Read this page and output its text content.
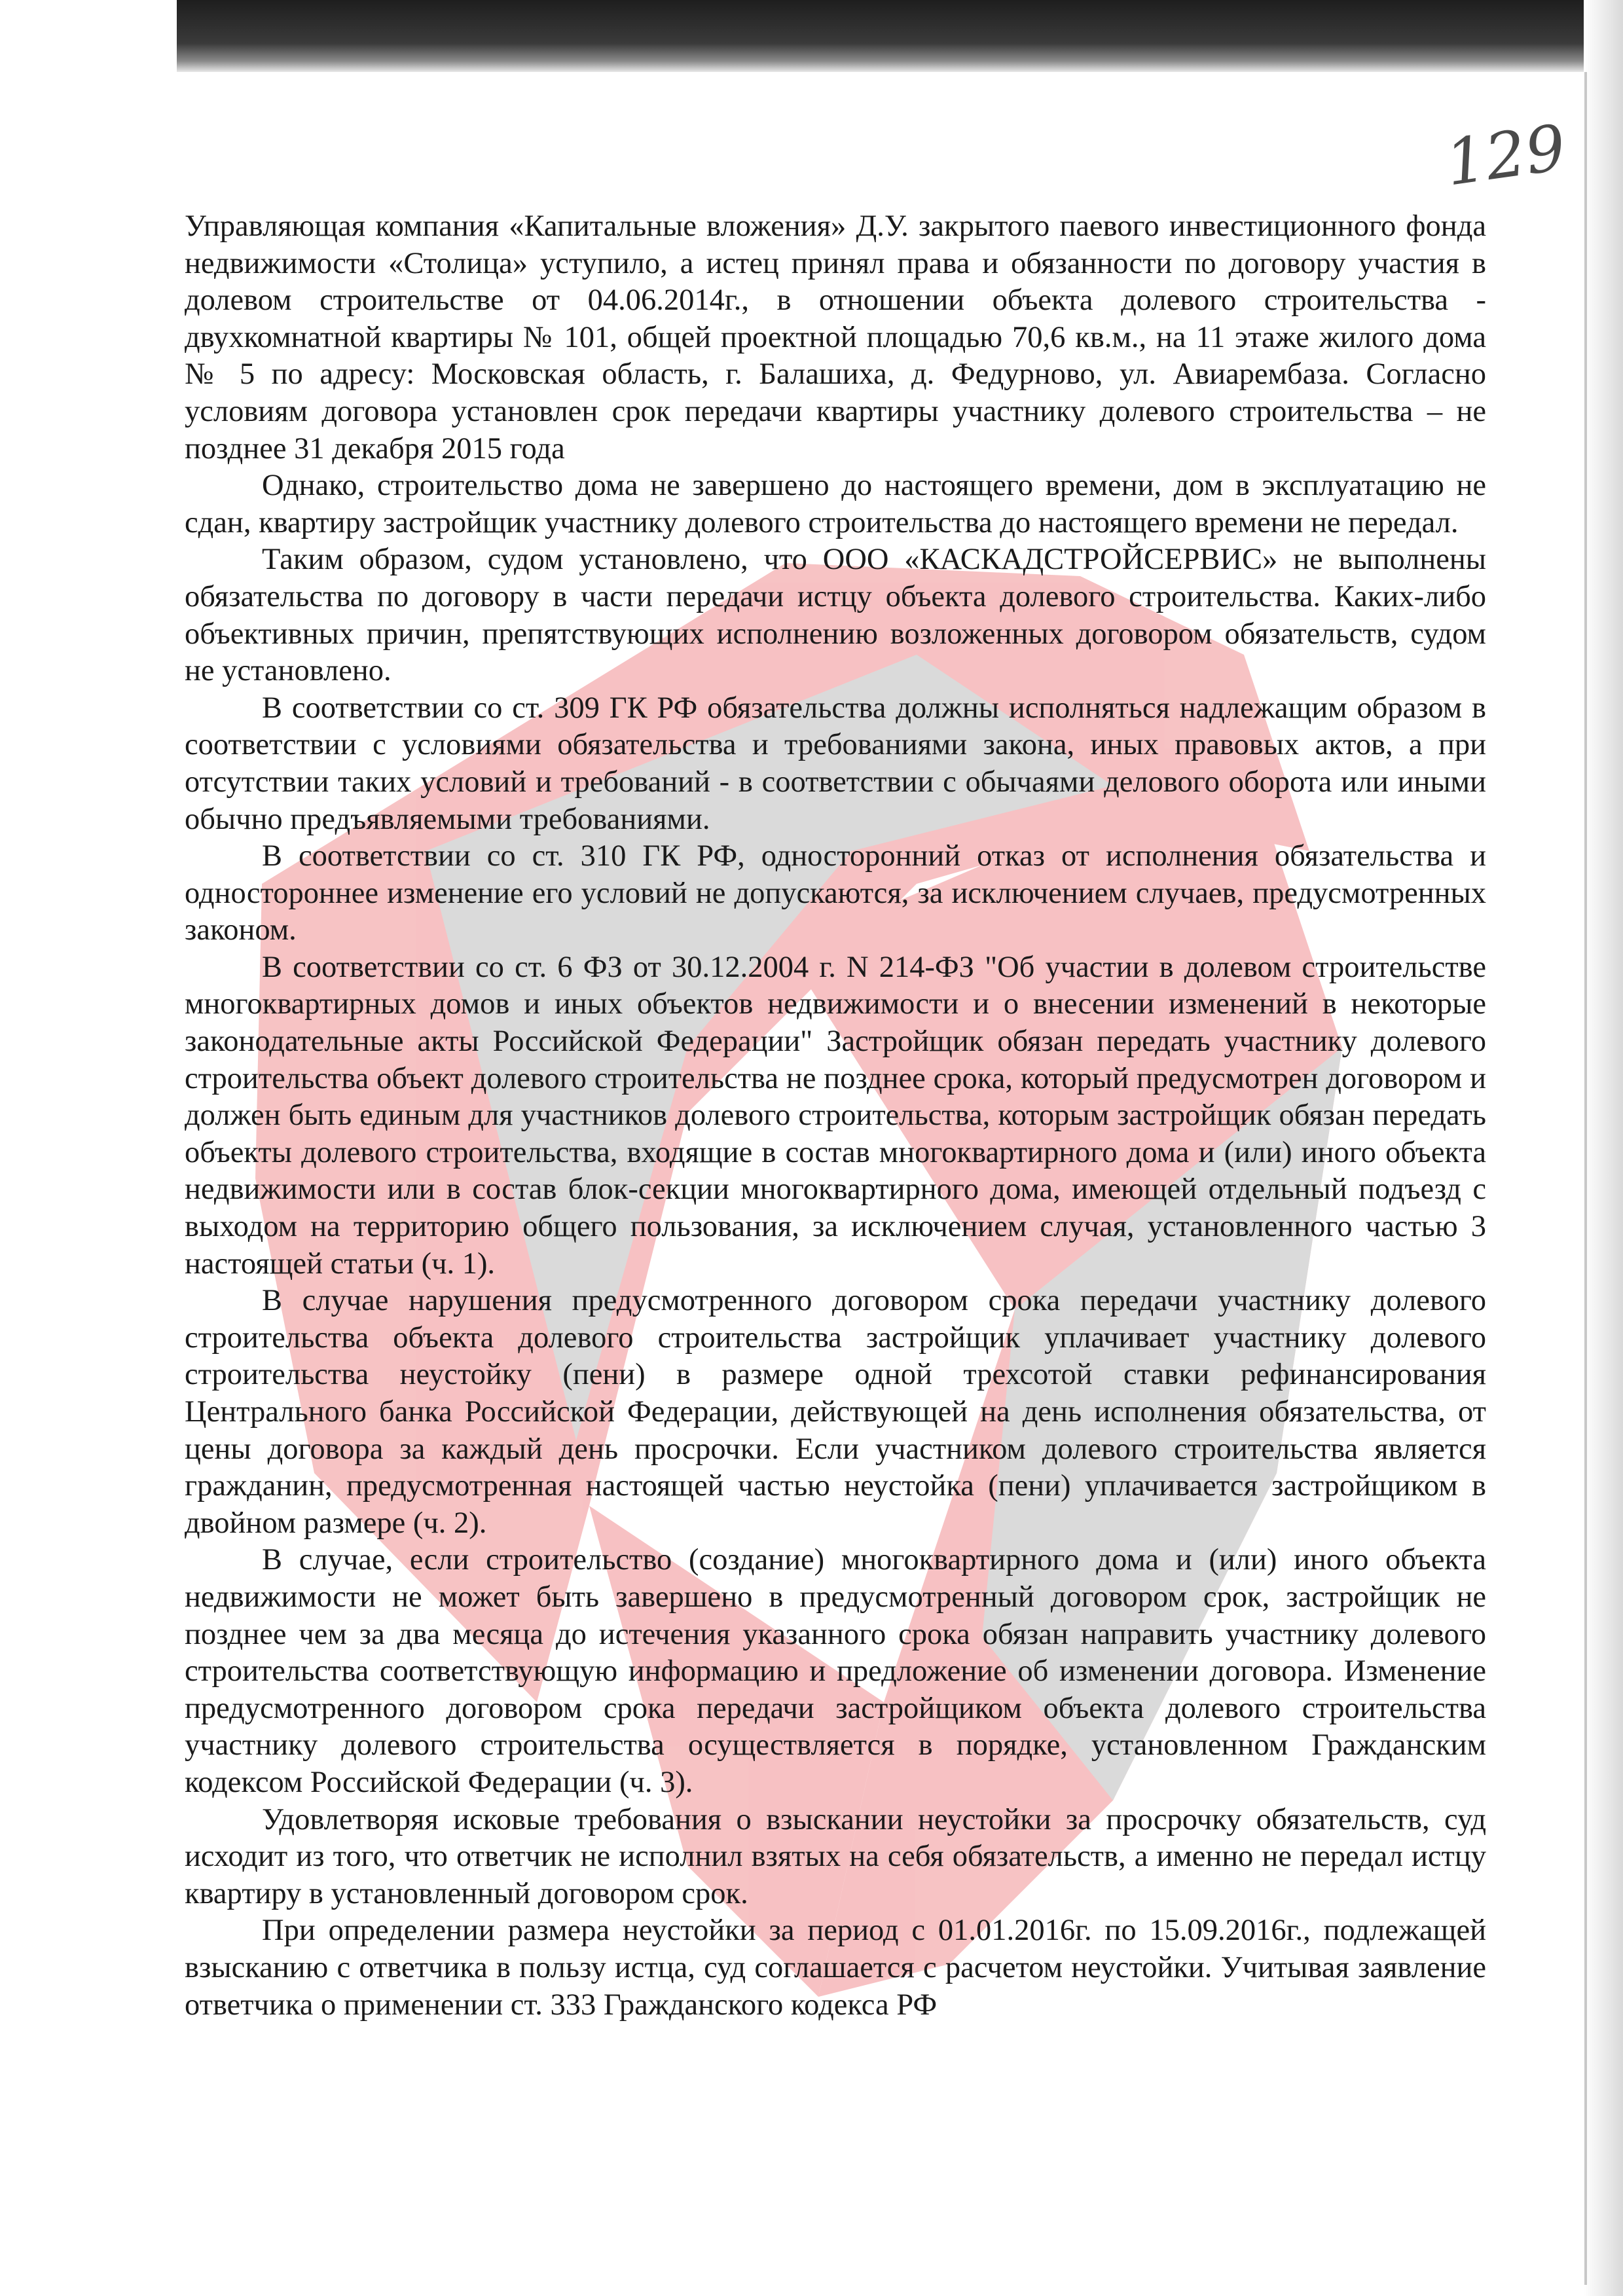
129

Управляющая компания «Капитальные вложения» Д.У. закрытого паевого инвестиционного фонда недвижимости «Столица» уступило, а истец принял права и обязанности по договору участия в долевом строительстве от 04.06.2014г., в отношении объекта долевого строительства - двухкомнатной квартиры № 101, общей проектной площадью 70,6 кв.м., на 11 этаже жилого дома № 5 по адресу: Московская область, г. Балашиха, д. Федурново, ул. Авиарембаза. Согласно условиям договора установлен срок передачи квартиры участнику долевого строительства – не позднее 31 декабря 2015 года

Однако, строительство дома не завершено до настоящего времени, дом в эксплуатацию не сдан, квартиру застройщик участнику долевого строительства до настоящего времени не передал.

Таким образом, судом установлено, что ООО «КАСКАДСТРОЙСЕРВИС» не выполнены обязательства по договору в части передачи истцу объекта долевого строительства. Каких-либо объективных причин, препятствующих исполнению возложенных договором обязательств, судом не установлено.

В соответствии со ст. 309 ГК РФ обязательства должны исполняться надлежащим образом в соответствии с условиями обязательства и требованиями закона, иных правовых актов, а при отсутствии таких условий и требований - в соответствии с обычаями делового оборота или иными обычно предъявляемыми требованиями.

В соответствии со ст. 310 ГК РФ, односторонний отказ от исполнения обязательства и одностороннее изменение его условий не допускаются, за исключением случаев, предусмотренных законом.

В соответствии со ст. 6 ФЗ от 30.12.2004 г. N 214-ФЗ "Об участии в долевом строительстве многоквартирных домов и иных объектов недвижимости и о внесении изменений в некоторые законодательные акты Российской Федерации" Застройщик обязан передать участнику долевого строительства объект долевого строительства не позднее срока, который предусмотрен договором и должен быть единым для участников долевого строительства, которым застройщик обязан передать объекты долевого строительства, входящие в состав многоквартирного дома и (или) иного объекта недвижимости или в состав блок-секции многоквартирного дома, имеющей отдельный подъезд с выходом на территорию общего пользования, за исключением случая, установленного частью 3 настоящей статьи (ч. 1).

В случае нарушения предусмотренного договором срока передачи участнику долевого строительства объекта долевого строительства застройщик уплачивает участнику долевого строительства неустойку (пени) в размере одной трехсотой ставки рефинансирования Центрального банка Российской Федерации, действующей на день исполнения обязательства, от цены договора за каждый день просрочки. Если участником долевого строительства является гражданин, предусмотренная настоящей частью неустойка (пени) уплачивается застройщиком в двойном размере (ч. 2).

В случае, если строительство (создание) многоквартирного дома и (или) иного объекта недвижимости не может быть завершено в предусмотренный договором срок, застройщик не позднее чем за два месяца до истечения указанного срока обязан направить участнику долевого строительства соответствующую информацию и предложение об изменении договора. Изменение предусмотренного договором срока передачи застройщиком объекта долевого строительства участнику долевого строительства осуществляется в порядке, установленном Гражданским кодексом Российской Федерации (ч. 3).

Удовлетворяя исковые требования о взыскании неустойки за просрочку обязательств, суд исходит из того, что ответчик не исполнил взятых на себя обязательств, а именно не передал истцу квартиру в установленный договором срок.

При определении размера неустойки за период с 01.01.2016г. по 15.09.2016г., подлежащей взысканию с ответчика в пользу истца, суд соглашается с расчетом неустойки. Учитывая заявление ответчика о применении ст. 333 Гражданского кодекса РФ
